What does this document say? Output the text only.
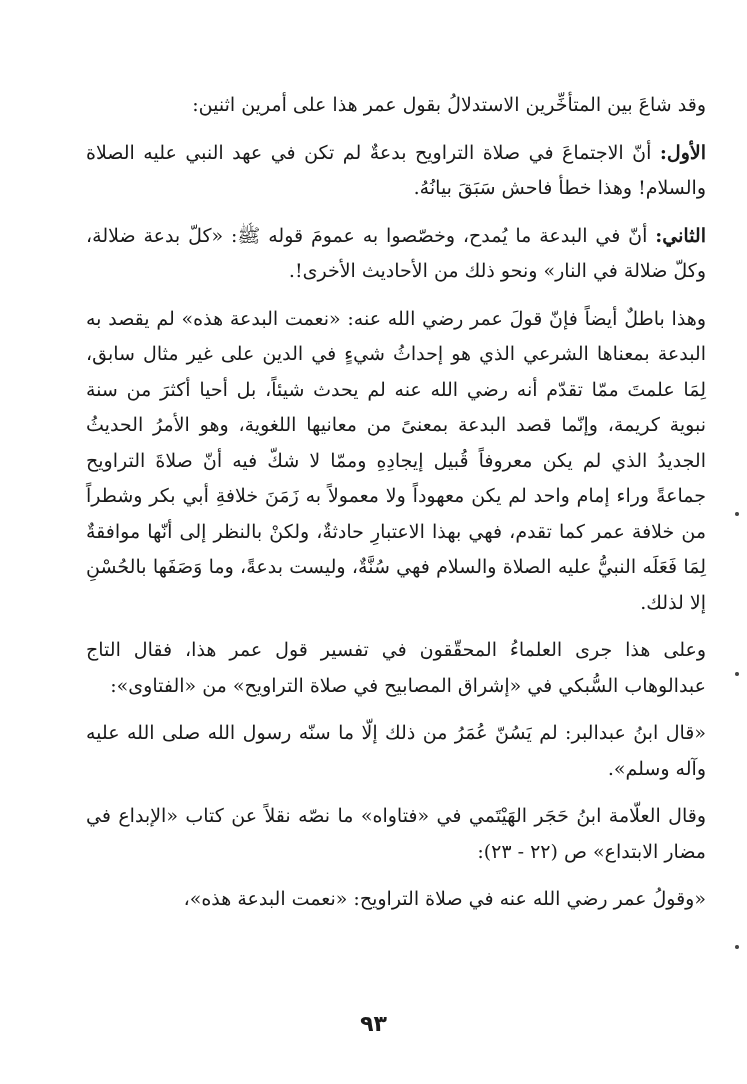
وقد شاعَ بين المتأخِّرين الاستدلالُ بقول عمر هذا على أمرين اثنين:

الأول: أنّ الاجتماعَ في صلاة التراويح بدعةٌ لم تكن في عهد النبي عليه الصلاة والسلام! وهذا خطأ فاحش سَبَقَ بيانُهُ.

الثاني: أنّ في البدعة ما يُمدح، وخصّصوا به عمومَ قوله ﷺ: «كلّ بدعة ضلالة، وكلّ ضلالة في النار» ونحو ذلك من الأحاديث الأخرى!.

وهذا باطلٌ أيضاً فإنّ قولَ عمر رضي الله عنه: «نعمت البدعة هذه» لم يقصد به البدعة بمعناها الشرعي الذي هو إحداثُ شيءٍ في الدين على غير مثال سابق، لِمَا علمتَ ممّا تقدّم أنه رضي الله عنه لم يحدث شيئاً، بل أحيا أكثرَ من سنة نبوية كريمة، وإنّما قصد البدعة بمعنىً من معانيها اللغوية، وهو الأمرُ الحديثُ الجديدُ الذي لم يكن معروفاً قُبيل إيجادِهِ وممّا لا شكّ فيه أنّ صلاةَ التراويح جماعةً وراء إمام واحد لم يكن معهوداً ولا معمولاً به زَمَنَ خلافةِ أبي بكر وشطراً من خلافة عمر كما تقدم، فهي بهذا الاعتبارِ حادثةٌ، ولكنْ بالنظر إلى أنّها موافقةٌ لِمَا فَعَلَه النبيُّ عليه الصلاة والسلام فهي سُنَّةٌ، وليست بدعةً، وما وَصَفَها بالحُسْنِ إلا لذلك.

وعلى هذا جرى العلماءُ المحقّقون في تفسير قول عمر هذا، فقال التاج عبدالوهاب السُّبكي في «إشراق المصابيح في صلاة التراويح» من «الفتاوى»:

«قال ابنُ عبدالبر: لم يَسُنّ عُمَرُ من ذلك إلّا ما سنّه رسول الله صلى الله عليه وآله وسلم».

وقال العلّامة ابنُ حَجَر الهَيْتَمي في «فتاواه» ما نصّه نقلاً عن كتاب «الإبداع في مضار الابتداع» ص (٢٢ - ٢٣):

«وقولُ عمر رضي الله عنه في صلاة التراويح: «نعمت البدعة هذه»،

٩٣
